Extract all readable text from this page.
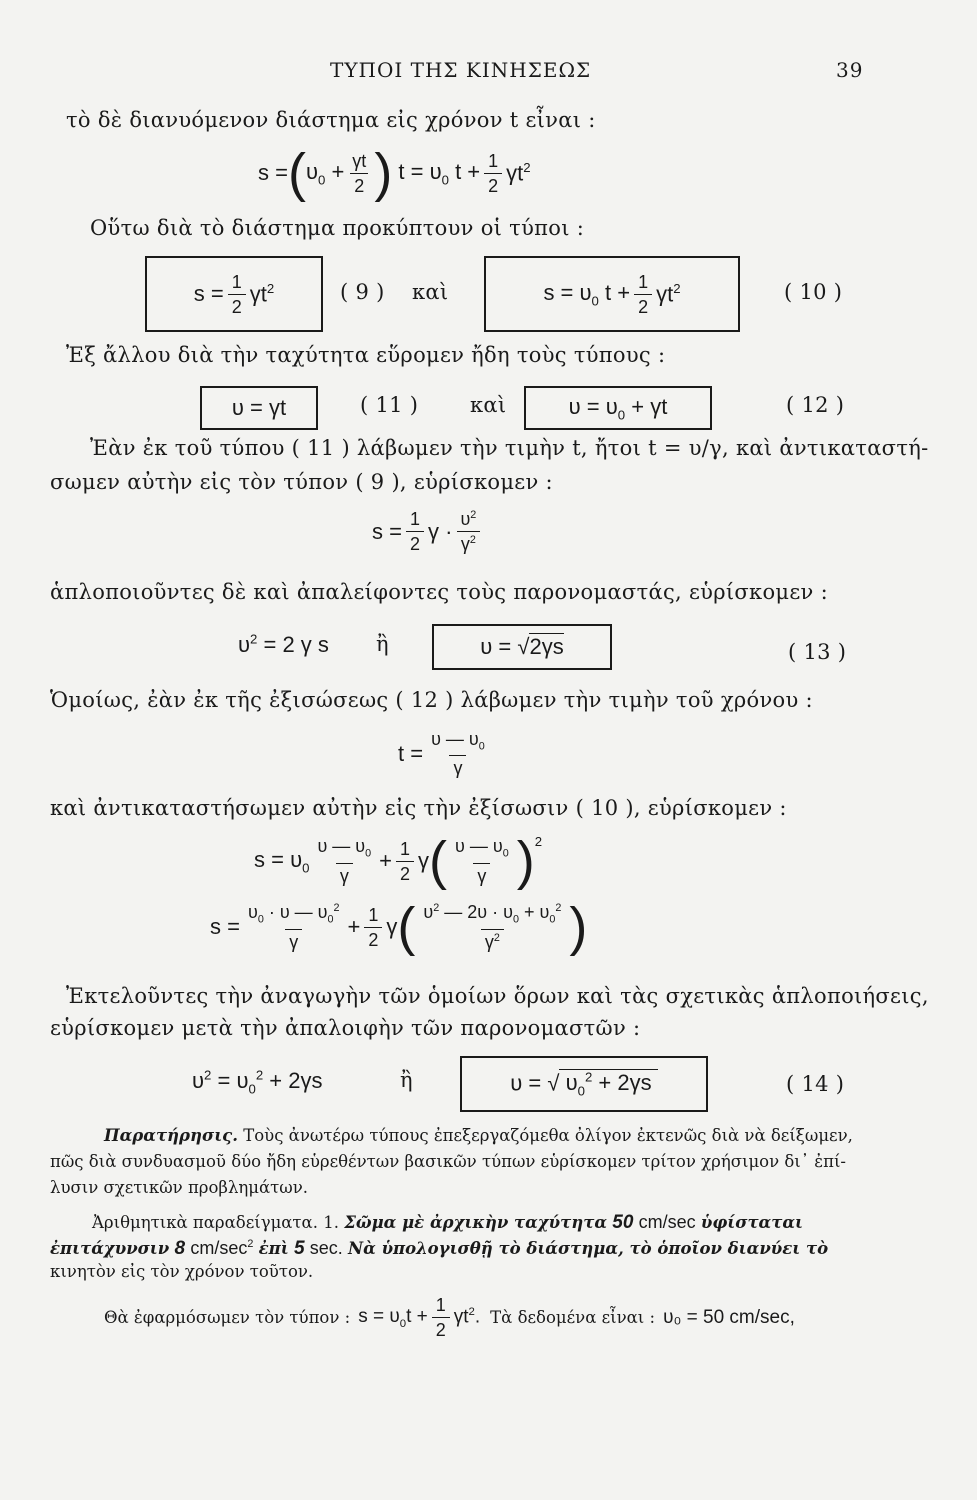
ΤΥΠΟΙ ΤΗΣ ΚΙΝΗΣΕΩΣ	39
τὸ δὲ διανυόμενον διάστημα εἰς χρόνον t εἶναι :
s = ( $\upsilon_0 + \frac{\gamma t}{2}$ ) $t = \upsilon_0$ $t + \frac{1}{2} \gamma t^2$
Οὕτω διὰ τὸ διάστημα προκύπτουν οἱ τύποι :
$s = \frac{1}{2} \gamma t^2$	( 9 ) καὶ	$s = \upsilon_0$ $t + \frac{1}{2} \gamma t^2$	( 10 )
Ἐξ ἄλλου διὰ τὴν ταχύτητα εὕρομεν ἤδη τοὺς τύπους :
υ = γt	( 11 ) καὶ	$\upsilon = \upsilon_0 + \gamma t$	( 12 )
Ἐὰν ἐκ τοῦ τύπου ( 11 ) λάβωμεν τὴν τιμὴν t, ἤτοι t = υ/γ, καὶ ἀντικαταστή-
σωμεν αὐτὴν εἰς τὸν τύπον ( 9 ), εὑρίσκομεν :
$s = \frac{1}{2}$ $\gamma \cdot \frac{\upsilon^2}{\gamma^2}$
ἁπλοποιοῦντες δὲ καὶ ἀπαλείφοντες τοὺς παρονομαστάς, εὑρίσκομεν :
$\upsilon^2 = 2$ γ s ἢ	υ = √2γs	( 13 )
Ὁμοίως, ἐὰν ἐκ τῆς ἐξισώσεως ( 12 ) λάβωμεν τὴν τιμὴν τοῦ χρόνου :
$t = \frac{\upsilon — \upsilon_0}{\gamma}$
καὶ ἀντικαταστήσωμεν αὐτὴν εἰς τὴν ἐξίσωσιν ( 10 ), εὑρίσκομεν :
$s = \upsilon_0 \frac{\upsilon — \upsilon_0}{\gamma} + \frac{1}{2}$ γ ( $\frac{\upsilon — \upsilon_0}{\gamma} )^2$
$s = \frac{\upsilon_0 \cdot \upsilon — \upsilon_0^2}{\gamma} + \frac{1}{2}$ γ ( $\frac{\upsilon^2 — 2\upsilon \cdot \upsilon_0 + \upsilon_0^2}{\gamma^2}$ )
Ἐκτελοῦντες τὴν ἀναγωγὴν τῶν ὁμοίων ὅρων καὶ τὰς σχετικὰς ἁπλοποιήσεις,
εὑρίσκομεν μετὰ τὴν ἀπαλοιφὴν τῶν παρονομαστῶν :
$\upsilon^2 = \upsilon_0^2 + 2\gamma s$	ἢ	υ = √ $\upsilon_0^2 + 2\gamma s$	( 14 )
Παρατήρησις. Τοὺς ἀνωτέρω τύπους ἐπεξεργαζόμεθα ὀλίγον ἐκτενῶς διὰ νὰ δείξωμεν,
πῶς διὰ συνδυασμοῦ δύο ἤδη εὑρεθέντων βασικῶν τύπων εὑρίσκομεν τρίτον χρήσιμον δι᾽ ἐπί-
λυσιν σχετικῶν προβλημάτων.
Ἀριθμητικὰ παραδείγματα. 1. Σῶμα μὲ ἀρχικὴν ταχύτητα 50 cm/sec ὑφίσταται
ἐπιτάχυνσιν 8 $cm/\sec^2$ ἐπὶ 5 sec. Νὰ ὑπολογισθῇ τὸ διάστημα, τὸ ὁποῖον διανύει τὸ
κινητὸν εἰς τὸν χρόνον τοῦτον.
Θὰ ἐφαρμόσωμεν τὸν τύπον : $s = \upsilon_0t + \frac{1}{2} \gamma t^2$. Τὰ δεδομένα εἶναι : υ₀ = 50 cm/sec,
